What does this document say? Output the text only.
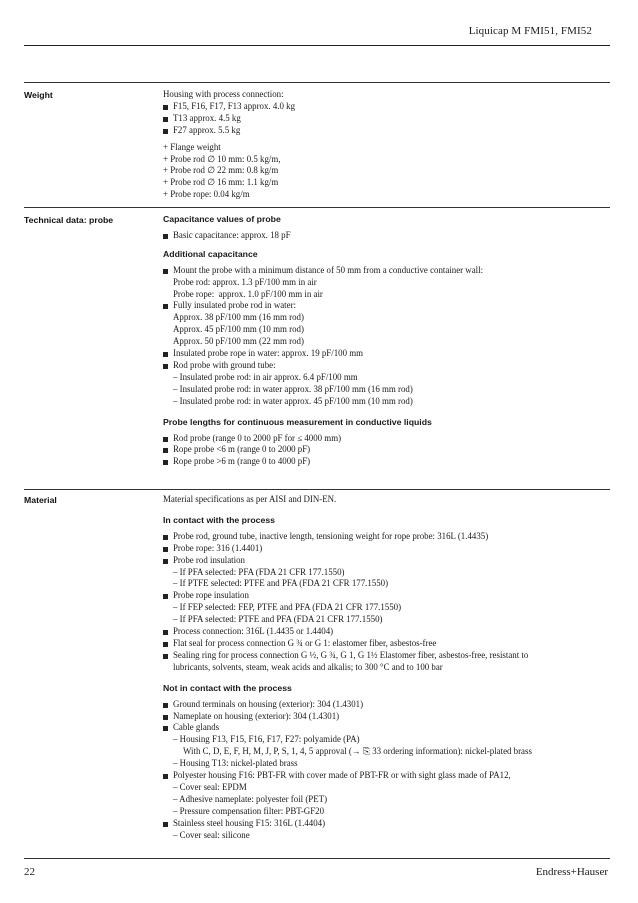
Liquicap M FMI51, FMI52
Weight	Housing with process connection:
F15, F16, F17, F13 approx. 4.0 kg
T13 approx. 4.5 kg
F27 approx. 5.5 kg
+ Flange weight
+ Probe rod ∅ 10 mm: 0.5 kg/m,
+ Probe rod ∅ 22 mm: 0.8 kg/m
+ Probe rod ∅ 16 mm: 1.1 kg/m
+ Probe rope: 0.04 kg/m
Technical data: probe	Capacitance values of probe
Basic capacitance: approx. 18 pF
Additional capacitance
Mount the probe with a minimum distance of 50 mm from a conductive container wall:
Probe rod: approx. 1.3 pF/100 mm in air
Probe rope:  approx. 1.0 pF/100 mm in air
Fully insulated probe rod in water:
Approx. 38 pF/100 mm (16 mm rod)
Approx. 45 pF/100 mm (10 mm rod)
Approx. 50 pF/100 mm (22 mm rod)
Insulated probe rope in water: approx. 19 pF/100 mm
Rod probe with ground tube:
– Insulated probe rod: in air approx. 6.4 pF/100 mm
– Insulated probe rod: in water approx. 38 pF/100 mm (16 mm rod)
– Insulated probe rod: in water approx. 45 pF/100 mm (10 mm rod)
Probe lengths for continuous measurement in conductive liquids
Rod probe (range 0 to 2000 pF for ≤ 4000 mm)
Rope probe <6 m (range 0 to 2000 pF)
Rope probe >6 m (range 0 to 4000 pF)
Material	Material specifications as per AISI and DIN-EN.
In contact with the process
Probe rod, ground tube, inactive length, tensioning weight for rope probe: 316L (1.4435)
Probe rope: 316 (1.4401)
Probe rod insulation
– If PFA selected: PFA (FDA 21 CFR 177.1550)
– If PTFE selected: PTFE and PFA (FDA 21 CFR 177.1550)
Probe rope insulation
– If FEP selected: FEP, PTFE and PFA (FDA 21 CFR 177.1550)
– If PFA selected: PTFE and PFA (FDA 21 CFR 177.1550)
Process connection: 316L (1.4435 or 1.4404)
Flat seal for process connection G ¾ or G 1: elastomer fiber, asbestos-free
Sealing ring for process connection G ½, G ¾, G 1, G 1½ Elastomer fiber, asbestos-free, resistant to
lubricants, solvents, steam, weak acids and alkalis; to 300 °C and to 100 bar
Not in contact with the process
Ground terminals on housing (exterior): 304 (1.4301)
Nameplate on housing (exterior): 304 (1.4301)
Cable glands
– Housing F13, F15, F16, F17, F27: polyamide (PA)
With C, D, E, F, H, M, J, P, S, 1, 4, 5 approval (→ ⎘ 33 ordering information): nickel-plated brass
– Housing T13: nickel-plated brass
Polyester housing F16: PBT-FR with cover made of PBT-FR or with sight glass made of PA12,
– Cover seal: EPDM
– Adhesive nameplate: polyester foil (PET)
– Pressure compensation filter: PBT-GF20
Stainless steel housing F15: 316L (1.4404)
– Cover seal: silicone
22	Endress+Hauser
